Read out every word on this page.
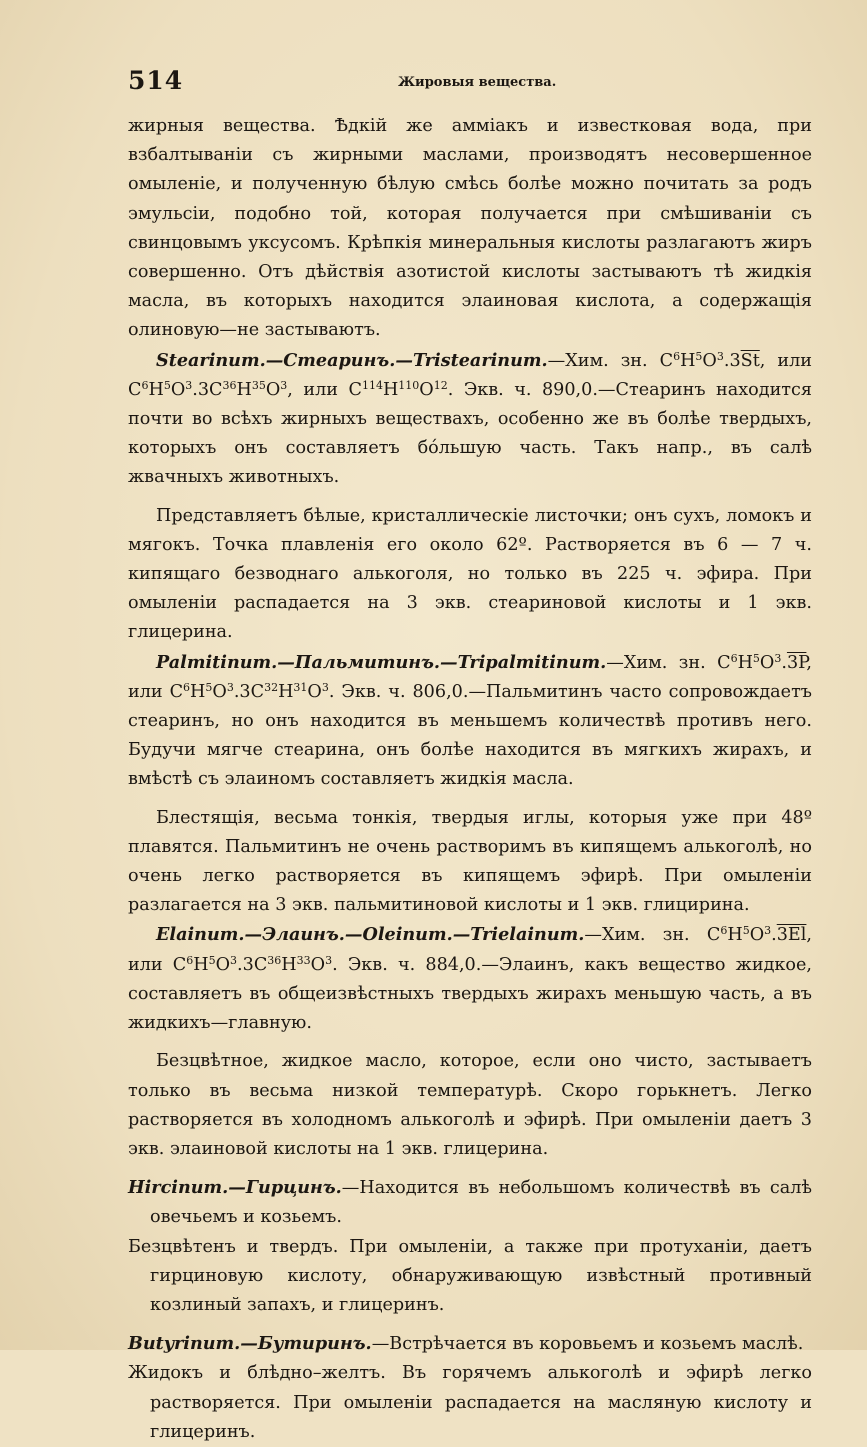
514	Жировыя вещества.

жирныя вещества. Ѣдкій же амміакъ и известковая вода, при взбалтываніи съ жирными маслами, производятъ несовершенное омыленіе, и полученную бѣлую смѣсь болѣе можно почитать за родъ эмульсіи, подобно той, которая получается при смѣшиваніи съ свинцовымъ уксусомъ. Крѣпкія минеральныя кислоты разлагаютъ жиръ совершенно. Отъ дѣйствія азотистой кислоты застываютъ тѣ жидкія масла, въ которыхъ находится элаиновая кислота, а содержащія олиновую—не застываютъ.

Stearinum.—Стеаринъ.—Tristearinum.—Хим. зн. $C^6H^5O^3.3\overline{St}$, или $C^6H^5O^3.3C^{36}H^{35}O^3$, или $C^{114}H^{110}O^{12}$. Экв. ч. 890,0.—Стеаринъ находится почти во всѣхъ жирныхъ веществахъ, особенно же въ болѣе твердыхъ, которыхъ онъ составляетъ бо́льшую часть. Такъ напр., въ салѣ жвачныхъ животныхъ.

Представляетъ бѣлые, кристаллическіе листочки; онъ сухъ, ломокъ и мягокъ. Точка плавленія его около 62º. Растворяется въ 6 — 7 ч. кипящаго безводнаго алькоголя, но только въ 225 ч. эфира. При омыленіи распадается на 3 экв. стеариновой кислоты и 1 экв. глицерина.

Palmitinum.—Пальмитинъ.—Tripalmitinum.—Хим. зн. $C^6H^5O^3.3P$, или $C^6H^5O^3.3C^{32}H^{31}O^3$. Экв. ч. 806,0.—Пальмитинъ часто сопровождаетъ стеаринъ, но онъ находится въ меньшемъ количествѣ противъ него. Будучи мягче стеарина, онъ болѣе находится въ мягкихъ жирахъ, и вмѣстѣ съ элаиномъ составляетъ жидкія масла.

Блестящія, весьма тонкія, твердыя иглы, которыя уже при 48º плавятся. Пальмитинъ не очень растворимъ въ кипящемъ алькоголѣ, но очень легко растворяется въ кипящемъ эфирѣ. При омыленіи разлагается на 3 экв. пальмитиновой кислоты и 1 экв. глицирина.

Elainum.—Элаинъ.—Oleinum.—Trielainum.—Хим. зн. $C^6H^5O^3.3El$, или $C^6H^5O^3.3C^{36}H^{33}O^3$. Экв. ч. 884,0.—Элаинъ, какъ вещество жидкое, составляетъ въ общеизвѣстныхъ твердыхъ жирахъ меньшую часть, а въ жидкихъ—главную.

Безцвѣтное, жидкое масло, которое, если оно чисто, застываетъ только въ весьма низкой температурѣ. Скоро горькнетъ. Легко растворяется въ холодномъ алькоголѣ и эфирѣ. При омыленіи даетъ 3 экв. элаиновой кислоты на 1 экв. глицерина.

Hircinum.—Гирцинъ.—Находится въ небольшомъ количествѣ въ салѣ овечьемъ и козьемъ.

Безцвѣтенъ и твердъ. При омыленіи, а также при протуханіи, даетъ гирциновую кислоту, обнаруживающую извѣстный противный козлиный запахъ, и глицеринъ.

Butyrinum.—Бутиринъ.—Встрѣчается въ коровьемъ и козьемъ маслѣ.

Жидокъ и блѣдно–желтъ. Въ горячемъ алькоголѣ и эфирѣ легко растворяется. При омыленіи распадается на масляную кислоту и глицеринъ.
